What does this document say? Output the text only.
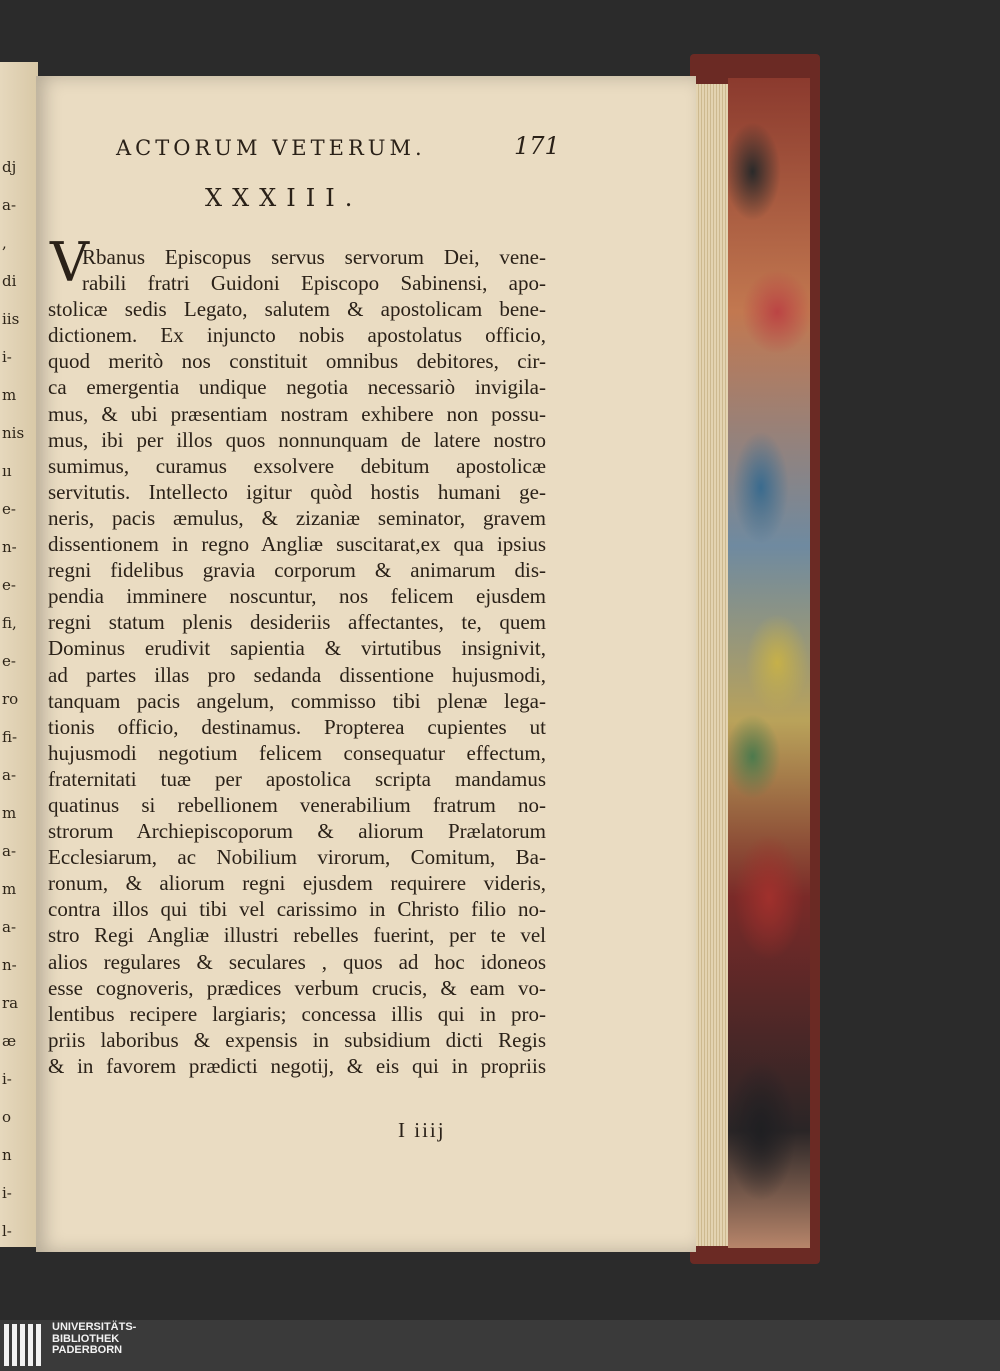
dj
a-
,
di
iis
i-
m
nis
ıı
e-
n-
e-
fi,
e-
ro
fi-
a-
m
a-
m
a-
n-
ra
æ
i-
o
n
i-
l-
ACTORUM VETERUM.	171
XXXIII.
V
Rbanus Episcopus servus servorum Dei, vene-
rabili fratri Guidoni Episcopo Sabinensi, apo-
stolicæ sedis Legato, salutem & apostolicam bene-
dictionem. Ex injuncto nobis apostolatus officio,
quod meritò nos constituit omnibus debitores, cir-
ca emergentia undique negotia necessariò invigila-
mus, & ubi præsentiam nostram exhibere non possu-
mus, ibi per illos quos nonnunquam de latere nostro
sumimus, curamus exsolvere debitum apostolicæ
servitutis. Intellecto igitur quòd hostis humani ge-
neris, pacis æmulus, & zizaniæ seminator, gravem
dissentionem in regno Angliæ suscitarat,ex qua ipsius
regni fidelibus gravia corporum & animarum dis-
pendia imminere noscuntur, nos felicem ejusdem
regni statum plenis desideriis affectantes, te, quem
Dominus erudivit sapientia & virtutibus insignivit,
ad partes illas pro sedanda dissentione hujusmodi,
tanquam pacis angelum, commisso tibi plenæ lega-
tionis officio, destinamus. Propterea cupientes ut
hujusmodi negotium felicem consequatur effectum,
fraternitati tuæ per apostolica scripta mandamus
quatinus si rebellionem venerabilium fratrum no-
strorum Archiepiscoporum & aliorum Prælatorum
Ecclesiarum, ac Nobilium virorum, Comitum, Ba-
ronum, & aliorum regni ejusdem requirere videris,
contra illos qui tibi vel carissimo in Christo filio no-
stro Regi Angliæ illustri rebelles fuerint, per te vel
alios regulares & seculares , quos ad hoc idoneos
esse cognoveris, prædices verbum crucis, & eam vo-
lentibus recipere largiaris; concessa illis qui in pro-
priis laboribus & expensis in subsidium dicti Regis
& in favorem prædicti negotij, & eis qui in propriis
I iiij
UNIVERSITÄTS-
BIBLIOTHEK
PADERBORN
